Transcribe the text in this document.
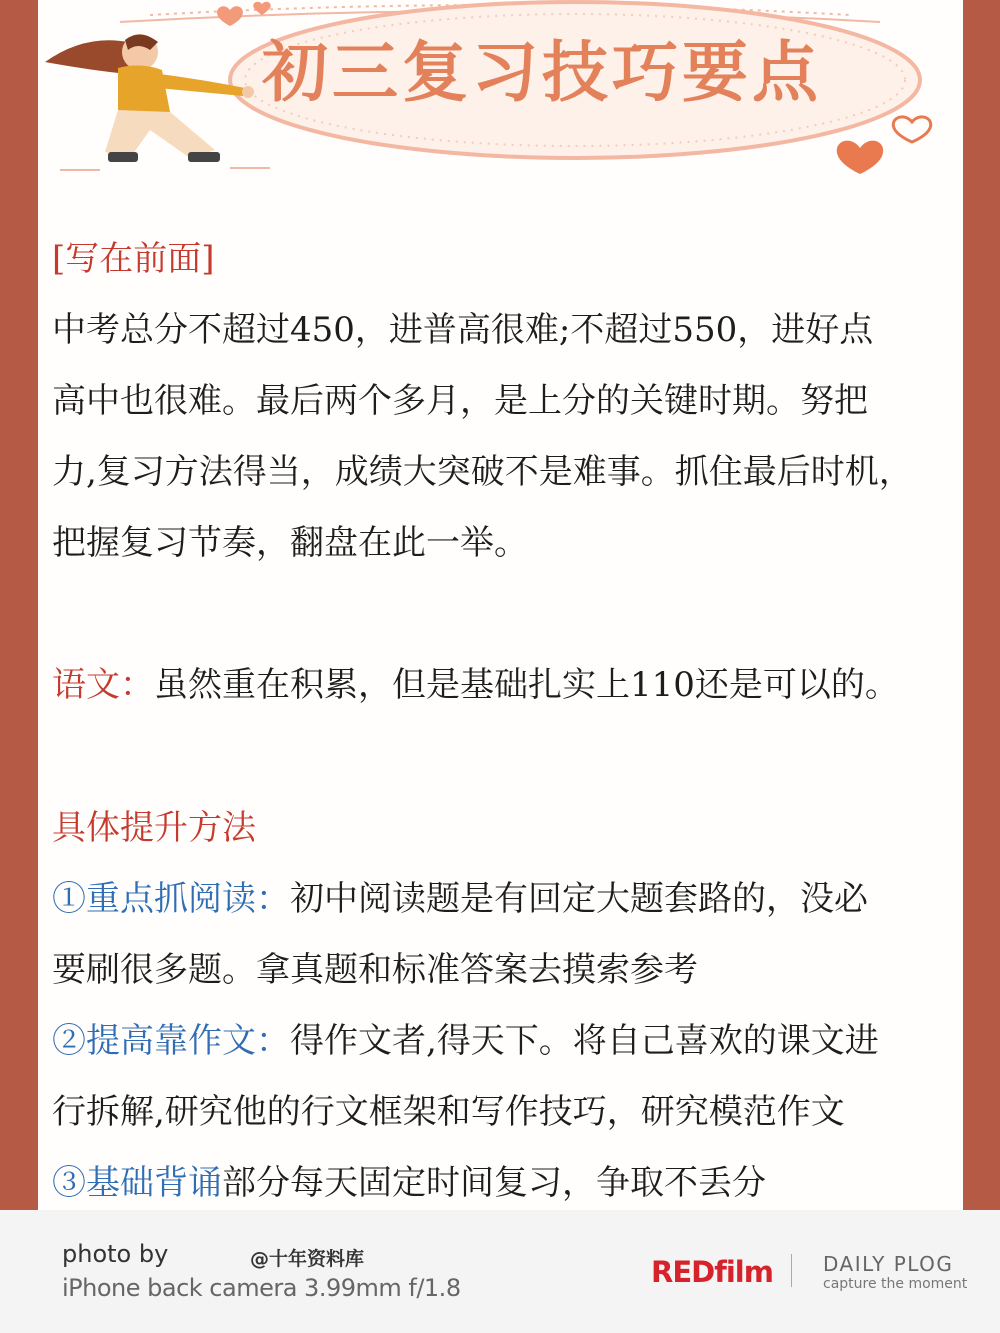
初三复习技巧要点
[写在前面]
中考总分不超过450，进普高很难;不超过550，进好点
高中也很难。最后两个多月，是上分的关键时期。努把
力,复习方法得当，成绩大突破不是难事。抓住最后时机，
把握复习节奏，翻盘在此一举。
语文：虽然重在积累，但是基础扎实上110还是可以的。
具体提升方法
①重点抓阅读：初中阅读题是有回定大题套路的，没必
要刷很多题。拿真题和标准答案去摸索参考
②提高靠作文：得作文者,得天下。将自己喜欢的课文进
行拆解,研究他的行文框架和写作技巧，研究模范作文
③基础背诵部分每天固定时间复习，争取不丢分
photo by	@十年资料库
iPhone back camera 3.99mm f/1.8	REDfilm	DAILY PLOG
capture the moment
